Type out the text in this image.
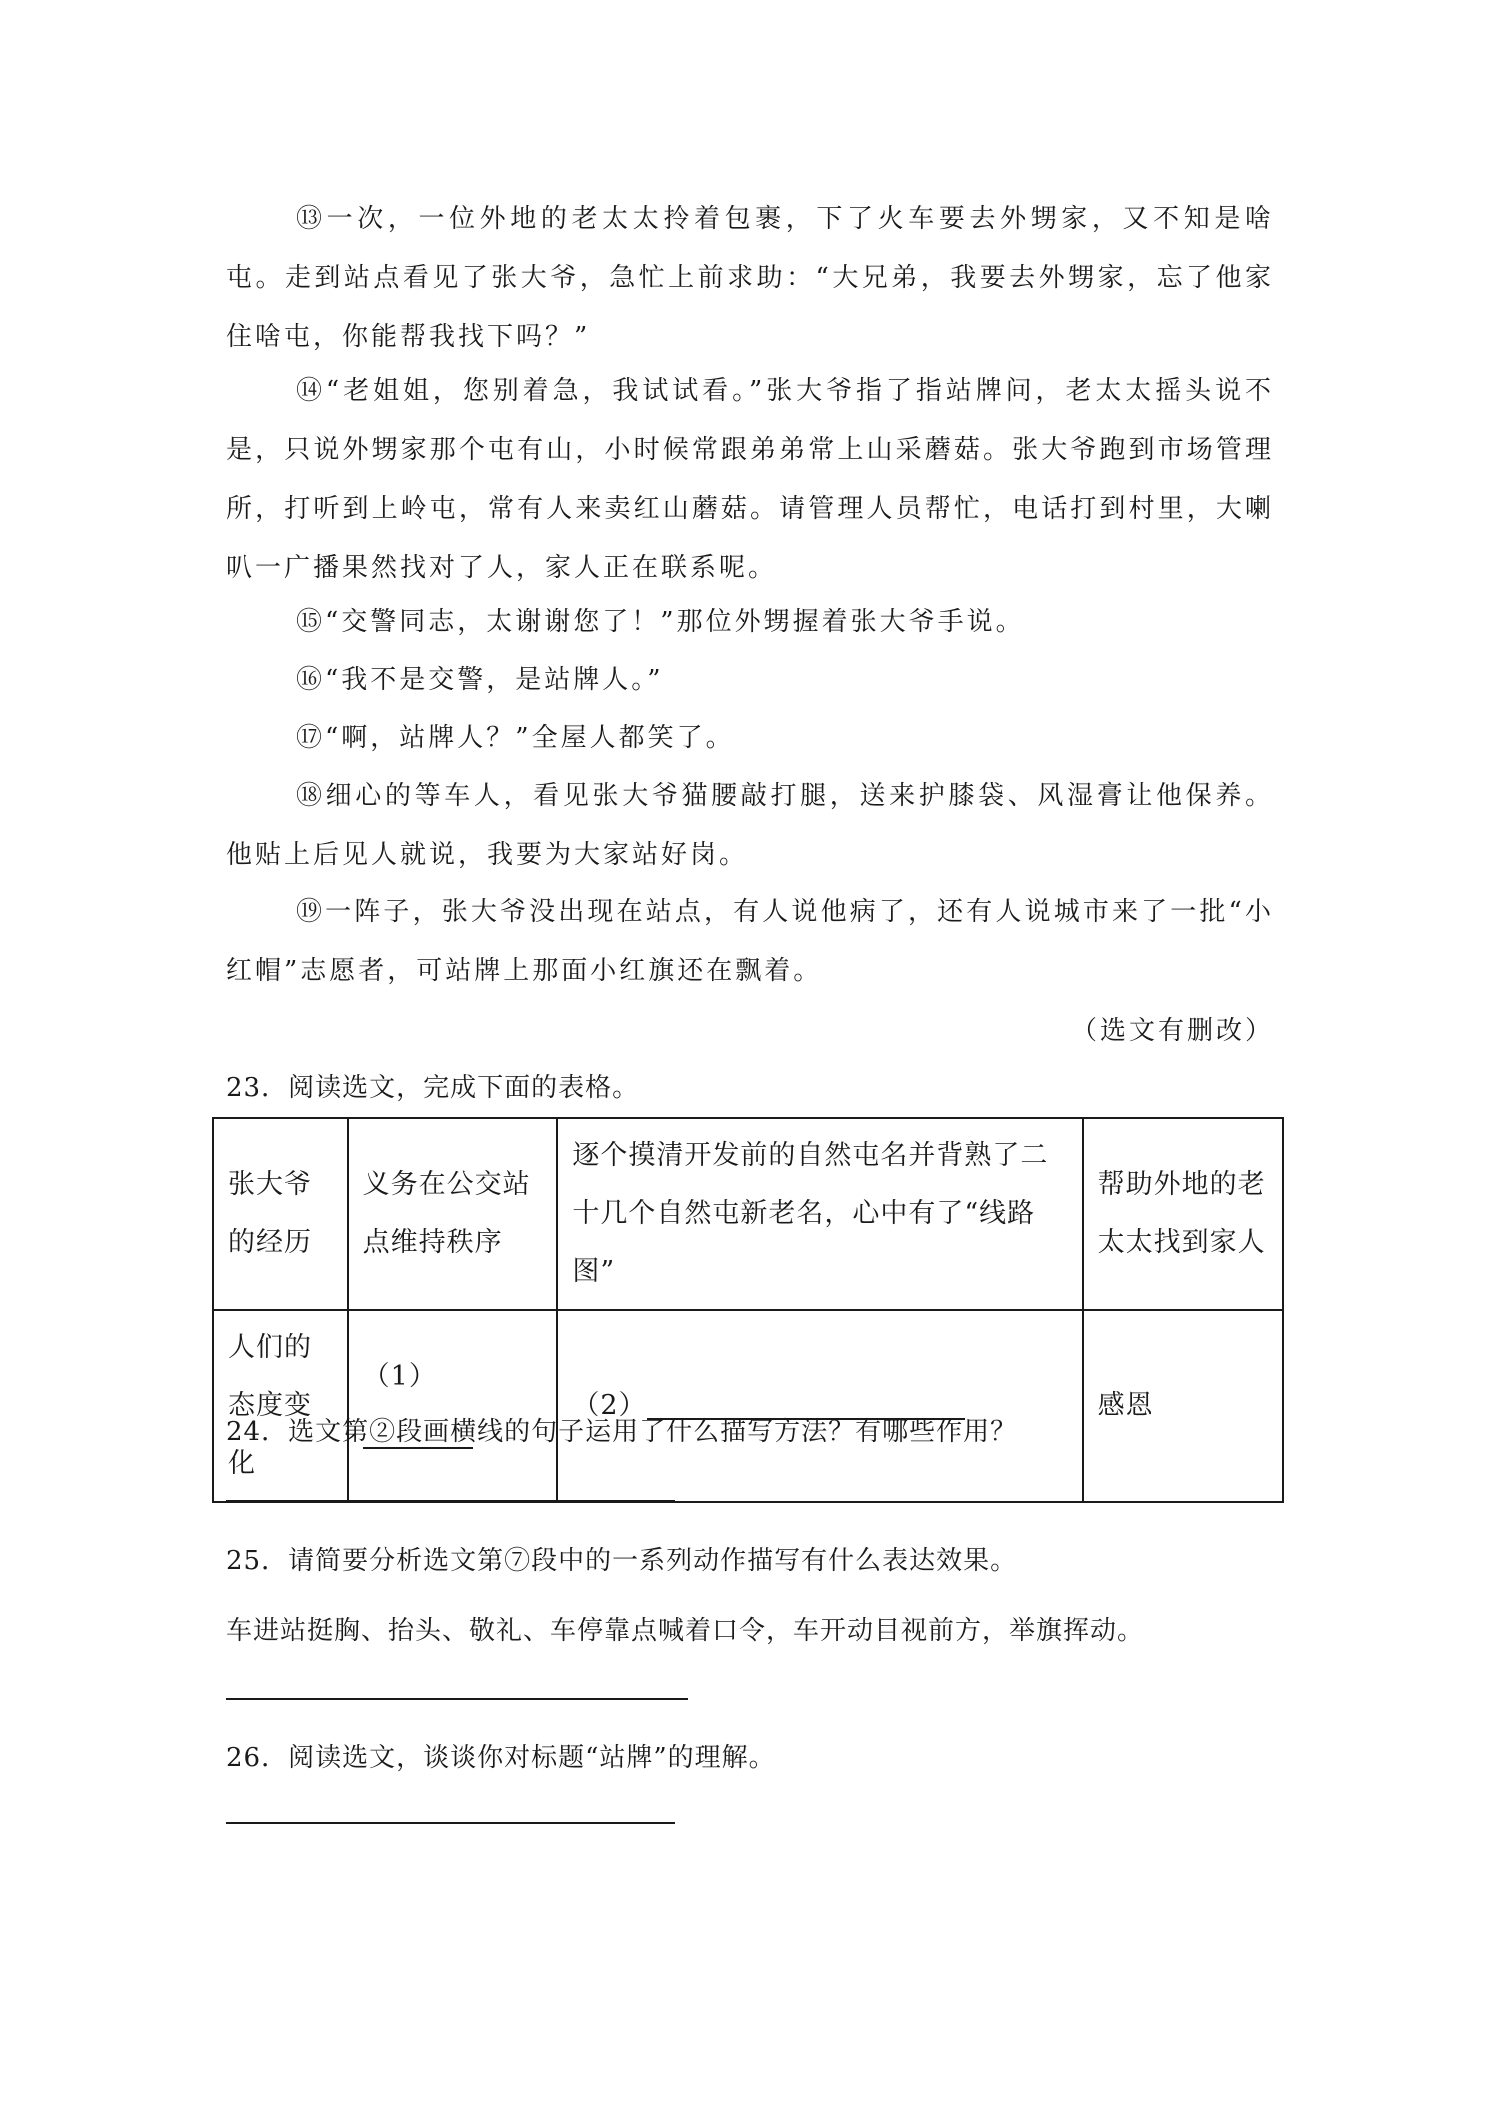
⑬一次，一位外地的老太太拎着包裹，下了火车要去外甥家，又不知是啥屯。走到站点看见了张大爷，急忙上前求助：“大兄弟，我要去外甥家，忘了他家住啥屯，你能帮我找下吗？”

⑭“老姐姐，您别着急，我试试看。”张大爷指了指站牌问，老太太摇头说不是，只说外甥家那个屯有山，小时候常跟弟弟常上山采蘑菇。张大爷跑到市场管理所，打听到上岭屯，常有人来卖红山蘑菇。请管理人员帮忙，电话打到村里，大喇叭一广播果然找对了人，家人正在联系呢。

⑮“交警同志，太谢谢您了！”那位外甥握着张大爷手说。

⑯“我不是交警，是站牌人。”

⑰“啊，站牌人？”全屋人都笑了。

⑱细心的等车人，看见张大爷猫腰敲打腿，送来护膝袋、风湿膏让他保养。他贴上后见人就说，我要为大家站好岗。

⑲一阵子，张大爷没出现在站点，有人说他病了，还有人说城市来了一批“小红帽”志愿者，可站牌上那面小红旗还在飘着。

（选文有删改）

23．阅读选文，完成下面的表格。

张大爷的经历	义务在公交站点维持秩序	逐个摸清开发前的自然屯名并背熟了二十几个自然屯新老名，心中有了“线路图”	帮助外地的老太太找到家人
人们的态度变化	（1）	（2）	感恩

24．选文第②段画横线的句子运用了什么描写方法？有哪些作用？

25．请简要分析选文第⑦段中的一系列动作描写有什么表达效果。

车进站挺胸、抬头、敬礼、车停靠点喊着口令，车开动目视前方，举旗挥动。

26．阅读选文，谈谈你对标题“站牌”的理解。
